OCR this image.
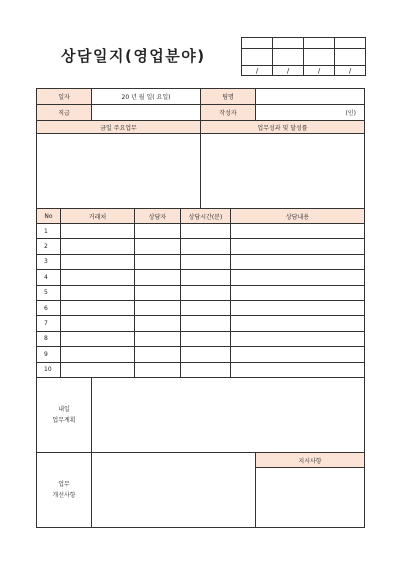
상담일지(영업분야)

/	/	/	/
일자	20 년 월 일( 요일)	팀명	
직급		작성자	(인)
금일 주요업무	업무성과 및 달성률

No	거래처	상담자	상담시간(분)	상담내용
1				
2				
3				
4				
5				
6				
7				
8				
9				
10				
내일
업무계획	
업무
개선사항		지시사항
